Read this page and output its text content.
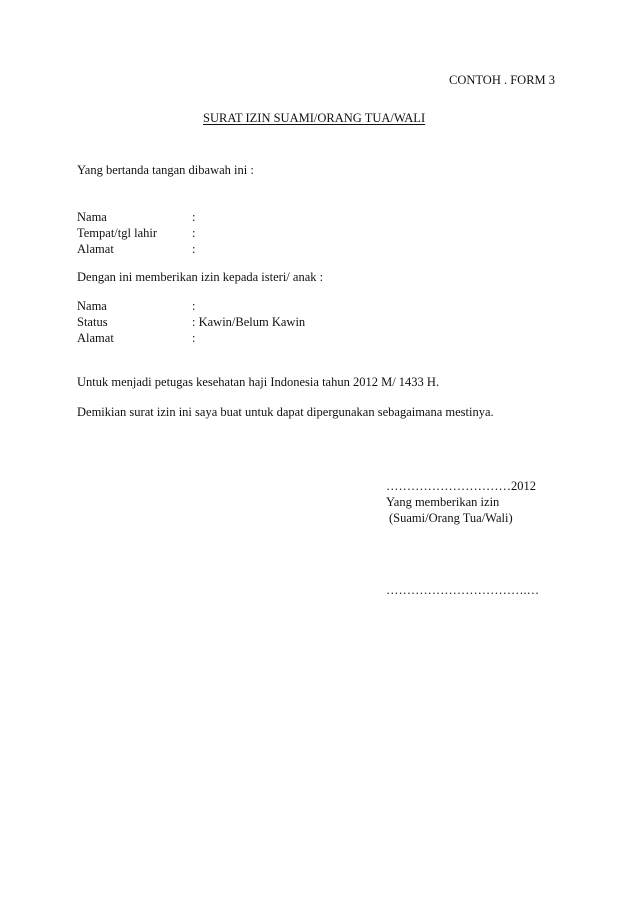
CONTOH . FORM 3
SURAT IZIN SUAMI/ORANG TUA/WALI
Yang bertanda tangan dibawah ini :
Nama	:
Tempat/tgl lahir	:
Alamat	:
Dengan ini memberikan izin kepada isteri/ anak :
Nama	:
Status	: Kawin/Belum Kawin
Alamat	:
Untuk menjadi petugas kesehatan haji Indonesia tahun 2012 M/ 1433 H.
Demikian surat izin ini saya buat untuk dapat dipergunakan sebagaimana mestinya.
…………………………2012
Yang memberikan izin
(Suami/Orang Tua/Wali)
…………………………….…
